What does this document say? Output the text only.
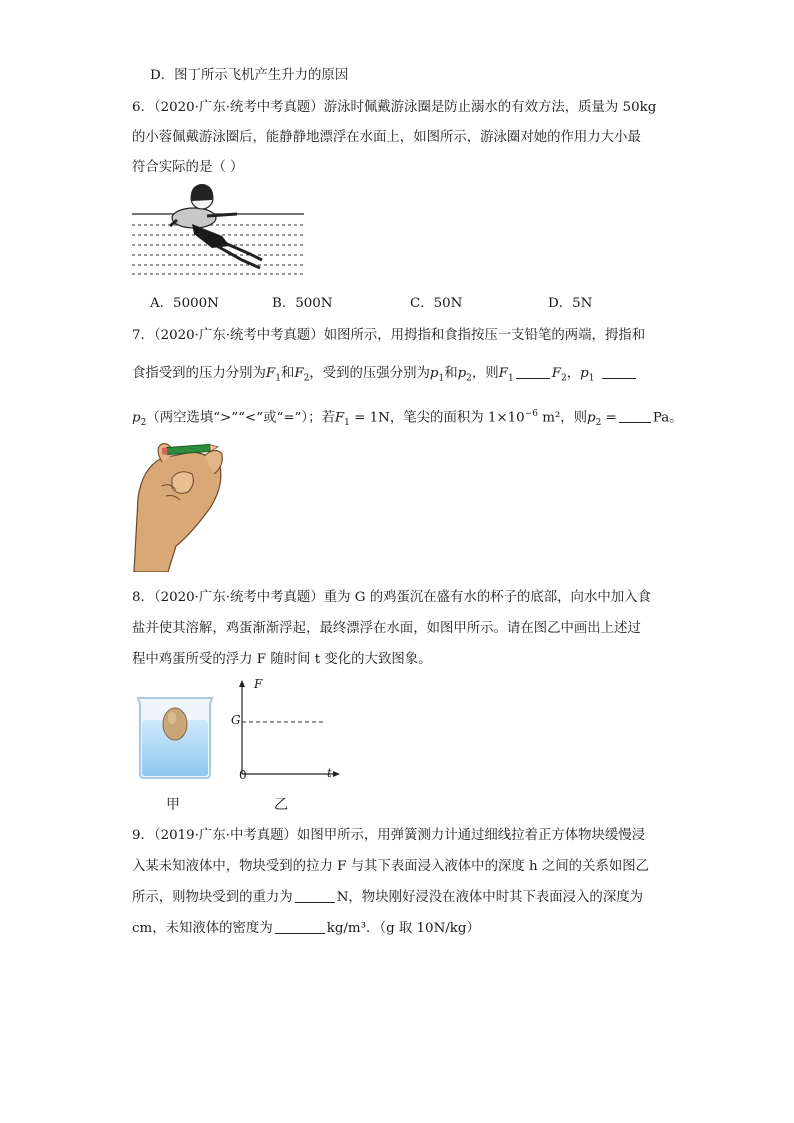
D．图丁所示飞机产生升力的原因
6．（2020·广东·统考中考真题）游泳时佩戴游泳圈是防止溺水的有效方法，质量为 50kg
的小蓉佩戴游泳圈后，能静静地漂浮在水面上，如图所示，游泳圈对她的作用力大小最
符合实际的是（ ）
A．5000N	B．500N	C．50N	D．5N
7．（2020·广东·统考中考真题）如图所示，用拇指和食指按压一支铅笔的两端，拇指和
食指受到的压力分别为$F_1$和$F_2$，受到的压强分别为$p_1$和$p_2$，则$F_1$	$F_2$，$p_1$
$p_2$（两空选填“>”“<”或“=”）；若$F_1 = 1N$，笔尖的面积为 $1\times 10^{-6}$ m²，则$p_2$ =	Pa。
8．（2020·广东·统考中考真题）重为 G 的鸡蛋沉在盛有水的杯子的底部，向水中加入食
盐并使其溶解，鸡蛋渐渐浮起，最终漂浮在水面，如图甲所示。请在图乙中画出上述过
程中鸡蛋所受的浮力 F 随时间 t 变化的大致图象。
甲
F
t
G
0
乙
9．（2019·广东·中考真题）如图甲所示，用弹簧测力计通过细线拉着正方体物块缓慢浸
入某未知液体中，物块受到的拉力 F 与其下表面浸入液体中的深度 h 之间的关系如图乙
所示，则物块受到的重力为	N，物块刚好浸没在液体中时其下表面浸入的深度为
cm，未知液体的密度为	kg/m³．（g 取 10N/kg）
